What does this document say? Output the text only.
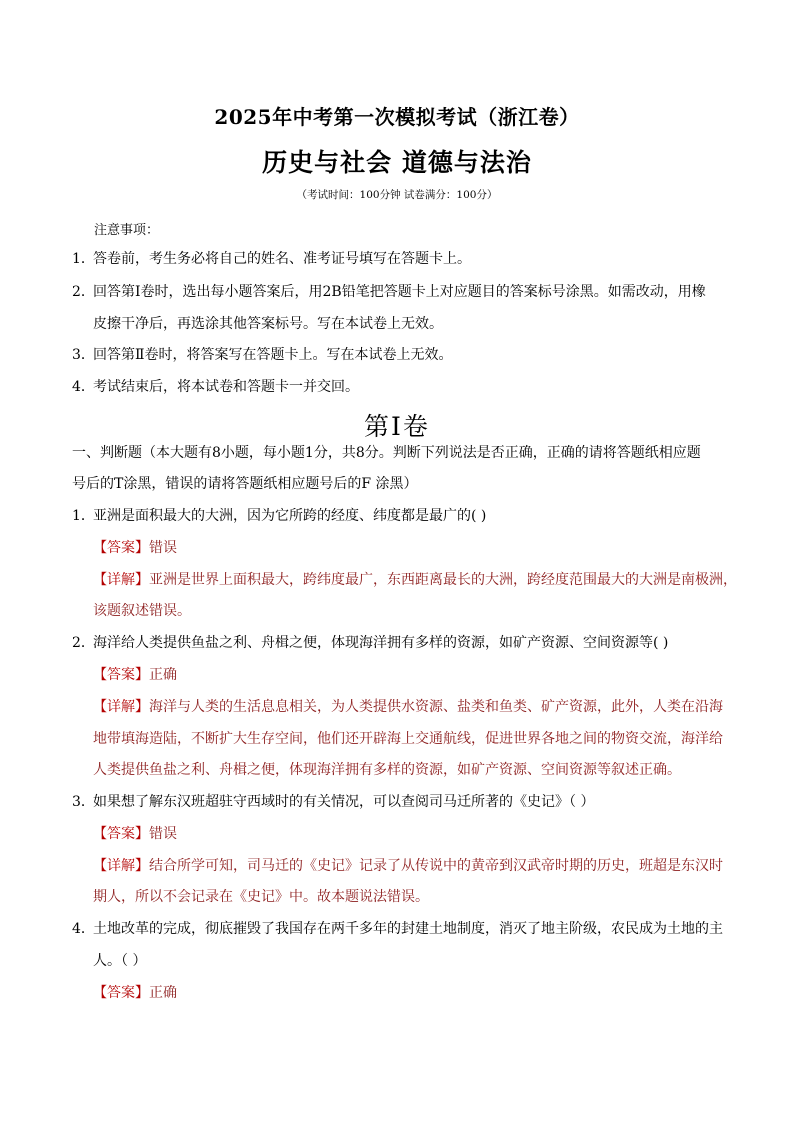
2025年中考第一次模拟考试（浙江卷）
历史与社会 道德与法治
（考试时间：100分钟 试卷满分：100分）
注意事项：
1．
答卷前，考生务必将自己的姓名、准考证号填写在答题卡上。
2．
回答第Ⅰ卷时，选出每小题答案后，用2B铅笔把答题卡上对应题目的答案标号涂黑。如需改动，用橡
皮擦干净后，再选涂其他答案标号。写在本试卷上无效。
3．
回答第Ⅱ卷时，将答案写在答题卡上。写在本试卷上无效。
4．
考试结束后，将本试卷和答题卡一并交回。
第Ⅰ卷
一、判断题（本大题有8小题，每小题1分，共8分。判断下列说法是否正确，正确的请将答题纸相应题
号后的T涂黑，错误的请将答题纸相应题号后的F 涂黑）
1．
亚洲是面积最大的大洲，因为它所跨的经度、纬度都是最广的( )
【答案】错误
【详解】亚洲是世界上面积最大，跨纬度最广，东西距离最长的大洲，跨经度范围最大的大洲是南极洲，
该题叙述错误。
2．
海洋给人类提供鱼盐之利、舟楫之便，体现海洋拥有多样的资源，如矿产资源、空间资源等( )
【答案】正确
【详解】海洋与人类的生活息息相关，为人类提供水资源、盐类和鱼类、矿产资源，此外，人类在沿海
地带填海造陆，不断扩大生存空间，他们还开辟海上交通航线，促进世界各地之间的物资交流，海洋给
人类提供鱼盐之利、舟楫之便，体现海洋拥有多样的资源，如矿产资源、空间资源等叙述正确。
3．
如果想了解东汉班超驻守西域时的有关情况，可以查阅司马迁所著的《史记》（ ）
【答案】错误
【详解】结合所学可知，司马迁的《史记》记录了从传说中的黄帝到汉武帝时期的历史，班超是东汉时
期人，所以不会记录在《史记》中。故本题说法错误。
4．
土地改革的完成，彻底摧毁了我国存在两千多年的封建土地制度，消灭了地主阶级，农民成为土地的主
人。（ ）
【答案】正确
